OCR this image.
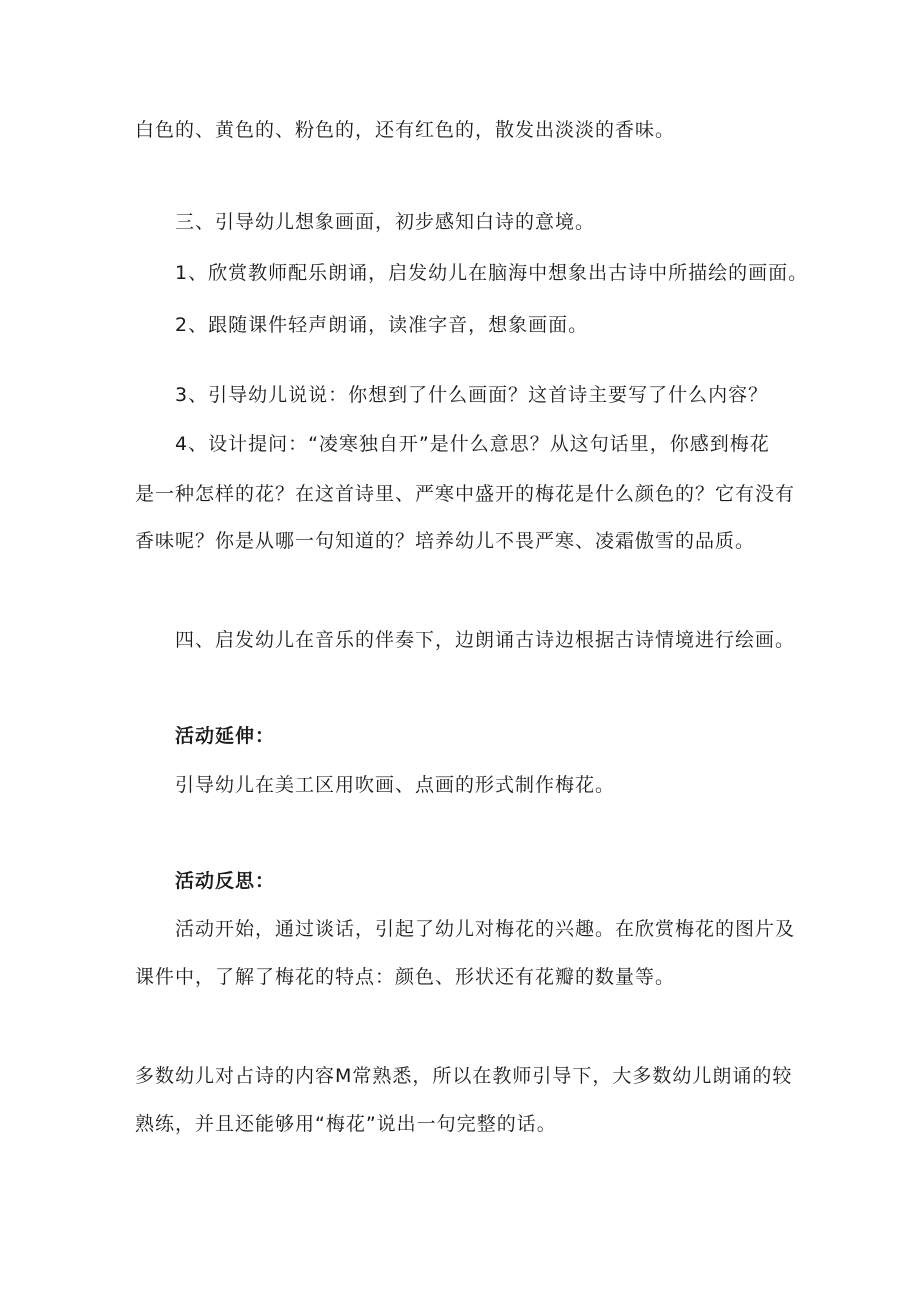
白色的、黄色的、粉色的，还有红色的，散发出淡淡的香味。
三、引导幼儿想象画面，初步感知白诗的意境。
1、欣赏教师配乐朗诵，启发幼儿在脑海中想象出古诗中所描绘的画面。
2、跟随课件轻声朗诵，读准字音，想象画面。
3、引导幼儿说说：你想到了什么画面？这首诗主要写了什么内容？
4、设计提问：“凌寒独自开”是什么意思？从这句话里，你感到梅花
是一种怎样的花？在这首诗里、严寒中盛开的梅花是什么颜色的？它有没有
香味呢？你是从哪一句知道的？培养幼儿不畏严寒、凌霜傲雪的品质。
四、启发幼儿在音乐的伴奏下，边朗诵古诗边根据古诗情境进行绘画。
活动延伸：
引导幼儿在美工区用吹画、点画的形式制作梅花。
活动反思：
活动开始，通过谈话，引起了幼儿对梅花的兴趣。在欣赏梅花的图片及
课件中，了解了梅花的特点：颜色、形状还有花瓣的数量等。
多数幼儿对占诗的内容M常熟悉，所以在教师引导下，大多数幼儿朗诵的较
熟练，并且还能够用“梅花”说出一句完整的话。
